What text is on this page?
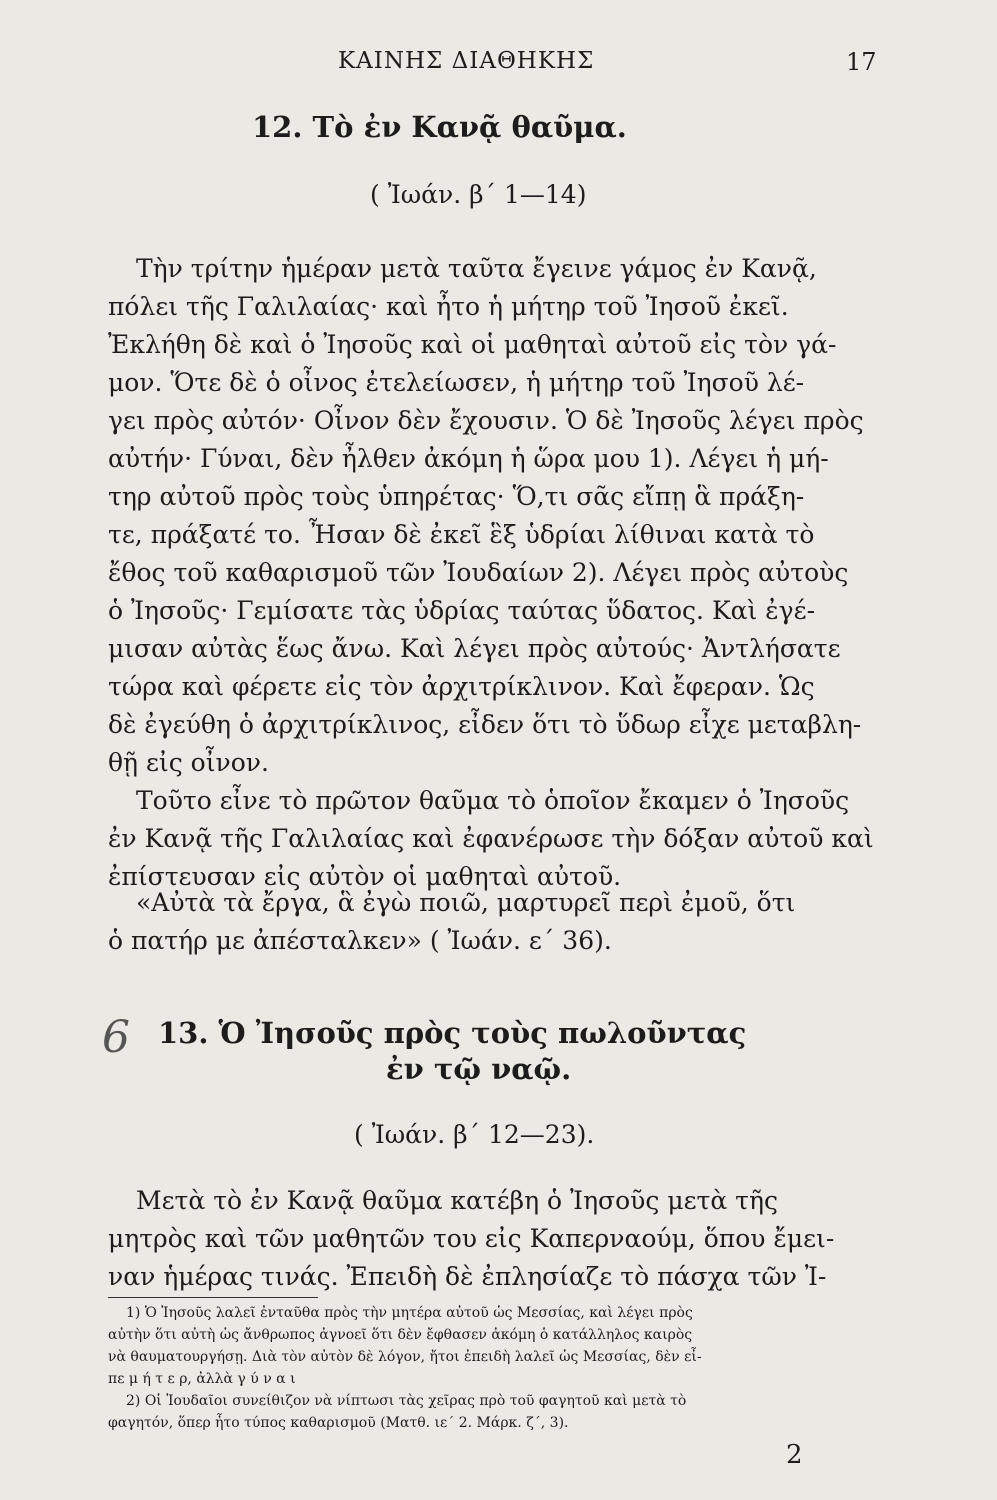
ΚΑΙΝΗΣ ΔΙΑΘΗΚΗΣ	17
12. Τὸ ἐν Κανᾷ θαῦμα.
( Ἰωάν. β΄ 1—14)

Τὴν τρίτην ἡμέραν μετὰ ταῦτα ἔγεινε γάμος ἐν Κανᾷ,

πόλει τῆς Γαλιλαίας· καὶ ἦτο ἡ μήτηρ τοῦ Ἰησοῦ ἐκεῖ.

Ἐκλήθη δὲ καὶ ὁ Ἰησοῦς καὶ οἱ μαθηταὶ αὐτοῦ εἰς τὸν γά-

μον. Ὅτε δὲ ὁ οἶνος ἐτελείωσεν, ἡ μήτηρ τοῦ Ἰησοῦ λέ-

γει πρὸς αὐτόν· Οἶνον δὲν ἔχουσιν. Ὁ δὲ Ἰησοῦς λέγει πρὸς

αὐτήν· Γύναι, δὲν ἦλθεν ἀκόμη ἡ ὥρα μου 1). Λέγει ἡ μή-

τηρ αὐτοῦ πρὸς τοὺς ὑπηρέτας· Ὅ,τι σᾶς εἴπῃ ἃ πράξη-

τε, πράξατέ το. Ἦσαν δὲ ἐκεῖ ἓξ ὑδρίαι λίθιναι κατὰ τὸ

ἔθος τοῦ καθαρισμοῦ τῶν Ἰουδαίων 2). Λέγει πρὸς αὐτοὺς

ὁ Ἰησοῦς· Γεμίσατε τὰς ὑδρίας ταύτας ὕδατος. Καὶ ἐγέ-

μισαν αὐτὰς ἕως ἄνω. Καὶ λέγει πρὸς αὐτούς· Ἀντλήσατε

τώρα καὶ φέρετε εἰς τὸν ἀρχιτρίκλινον. Καὶ ἔφεραν. Ὡς

δὲ ἐγεύθη ὁ ἀρχιτρίκλινος, εἶδεν ὅτι τὸ ὕδωρ εἶχε μεταβλη-

θῇ εἰς οἶνον.

Τοῦτο εἶνε τὸ πρῶτον θαῦμα τὸ ὁποῖον ἔκαμεν ὁ Ἰησοῦς

ἐν Κανᾷ τῆς Γαλιλαίας καὶ ἐφανέρωσε τὴν δόξαν αὐτοῦ καὶ

ἐπίστευσαν εἰς αὐτὸν οἱ μαθηταὶ αὐτοῦ.

«Αὐτὰ τὰ ἔργα, ἃ ἐγὼ ποιῶ, μαρτυρεῖ περὶ ἐμοῦ, ὅτι

ὁ πατήρ με ἀπέσταλκεν» ( Ἰωάν. ε΄ 36).

6 13. Ὁ Ἰησοῦς πρὸς τοὺς πωλοῦντας
ἐν τῷ ναῷ.
( Ἰωάν. β΄ 12—23).

Μετὰ τὸ ἐν Κανᾷ θαῦμα κατέβη ὁ Ἰησοῦς μετὰ τῆς

μητρὸς καὶ τῶν μαθητῶν του εἰς Καπερναούμ, ὅπου ἔμει-

ναν ἡμέρας τινάς. Ἐπειδὴ δὲ ἐπλησίαζε τὸ πάσχα τῶν Ἰ-

1) Ὁ Ἰησοῦς λαλεῖ ἐνταῦθα πρὸς τὴν μητέρα αὐτοῦ ὡς Μεσσίας, καὶ λέγει πρὸς

αὐτὴν ὅτι αὐτὴ ὡς ἄνθρωπος ἀγνοεῖ ὅτι δὲν ἔφθασεν ἀκόμη ὁ κατάλληλος καιρὸς

νὰ θαυματουργήσῃ. Διὰ τὸν αὐτὸν δὲ λόγον, ἤτοι ἐπειδὴ λαλεῖ ὡς Μεσσίας, δὲν εἶ-

πε μ ή τ ε ρ, ἀλλὰ γ ύ ν α ι

2) Οἱ Ἰουδαῖοι συνείθιζον νὰ νίπτωσι τὰς χεῖρας πρὸ τοῦ φαγητοῦ καὶ μετὰ τὸ

φαγητόν, ὅπερ ἦτο τύπος καθαρισμοῦ (Ματθ. ιε΄ 2. Μάρκ. ζ΄, 3).

2
